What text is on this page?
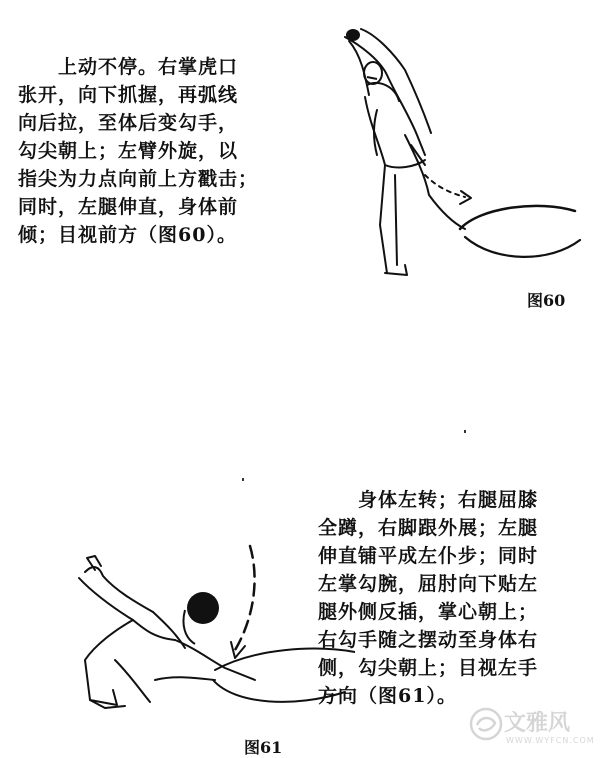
　　上动不停。右掌虎口
张开，向下抓握，再弧线
向后拉，至体后变勾手，
勾尖朝上；左臂外旋，以
指尖为力点向前上方戳击；
同时，左腿伸直，身体前
倾；目视前方（图60）。
图60
　　身体左转；右腿屈膝
全蹲，右脚跟外展；左腿
伸直铺平成左仆步；同时
左掌勾腕，屈肘向下贴左
腿外侧反插，掌心朝上；
右勾手随之摆动至身体右
侧，勾尖朝上；目视左手
方向（图61）。
图61
文雅风
WWW.WYFCN.COM
